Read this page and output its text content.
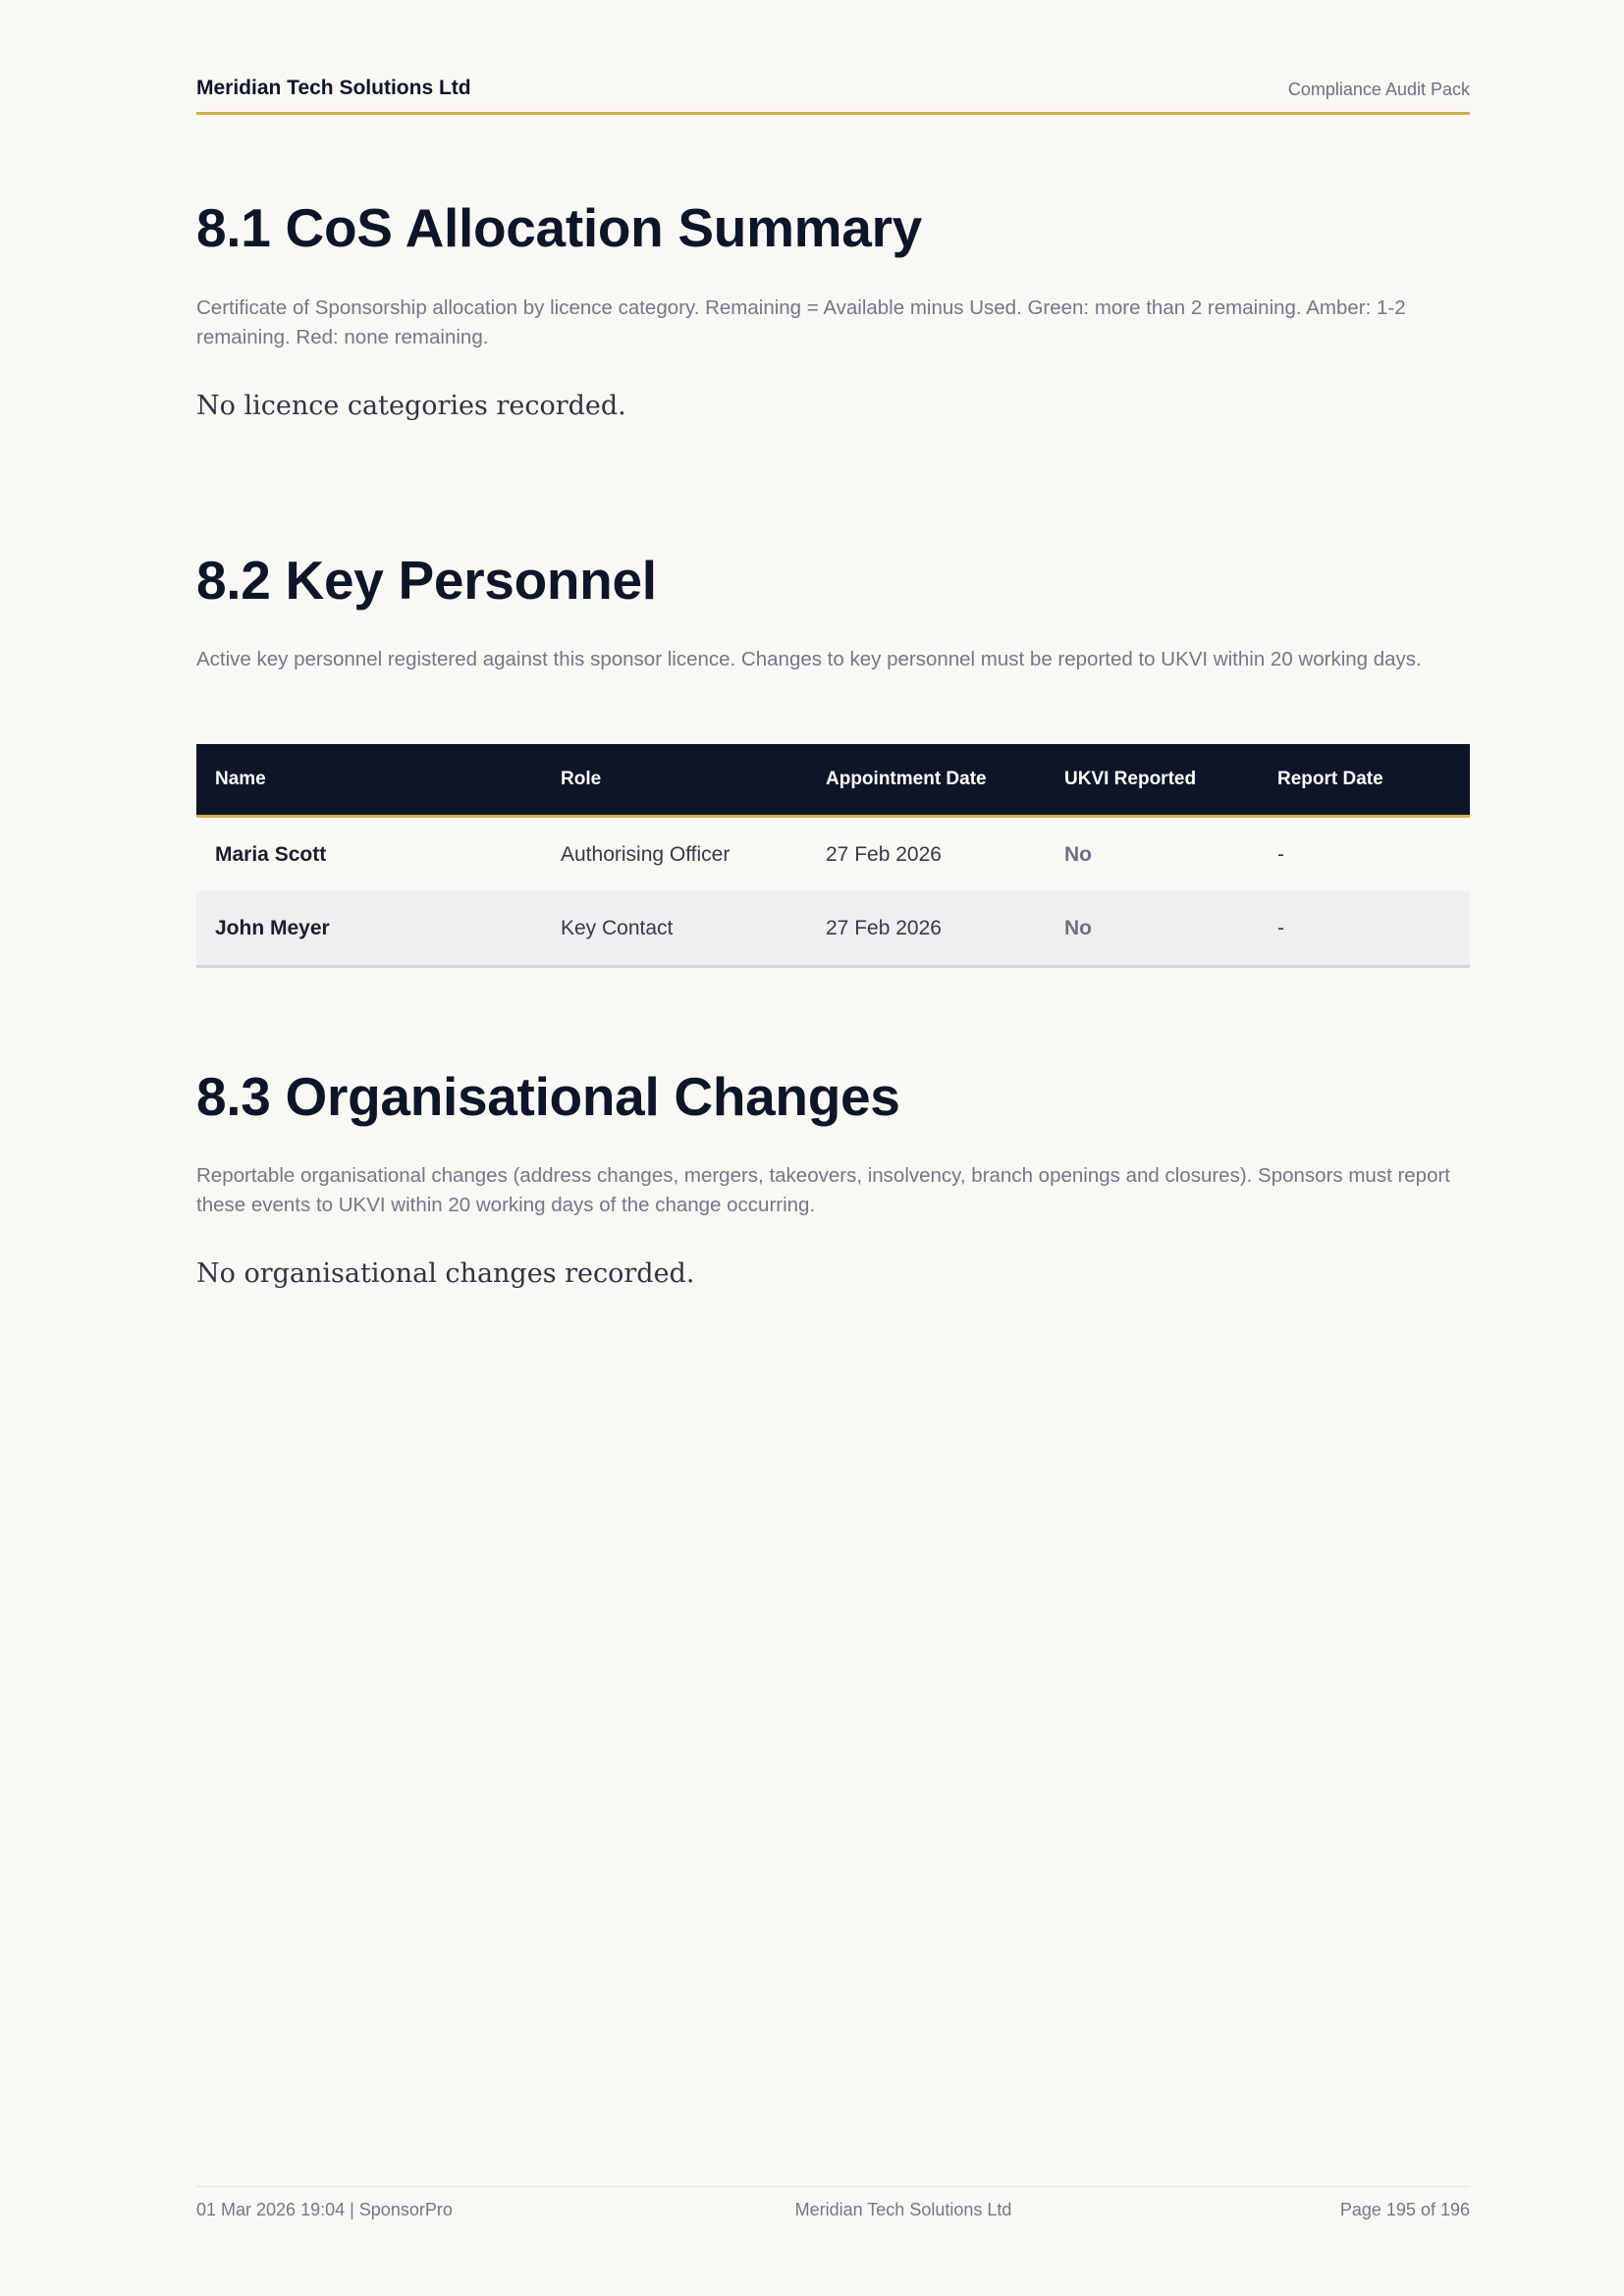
Meridian Tech Solutions Ltd	Compliance Audit Pack
8.1 CoS Allocation Summary
Certificate of Sponsorship allocation by licence category. Remaining = Available minus Used. Green: more than 2 remaining. Amber: 1-2 remaining. Red: none remaining.
No licence categories recorded.
8.2 Key Personnel
Active key personnel registered against this sponsor licence. Changes to key personnel must be reported to UKVI within 20 working days.
Name	Role	Appointment Date	UKVI Reported	Report Date
Maria Scott	Authorising Officer	27 Feb 2026	No	-
John Meyer	Key Contact	27 Feb 2026	No	-
8.3 Organisational Changes
Reportable organisational changes (address changes, mergers, takeovers, insolvency, branch openings and closures). Sponsors must report these events to UKVI within 20 working days of the change occurring.
No organisational changes recorded.
01 Mar 2026 19:04 | SponsorPro	Meridian Tech Solutions Ltd	Page 195 of 196
